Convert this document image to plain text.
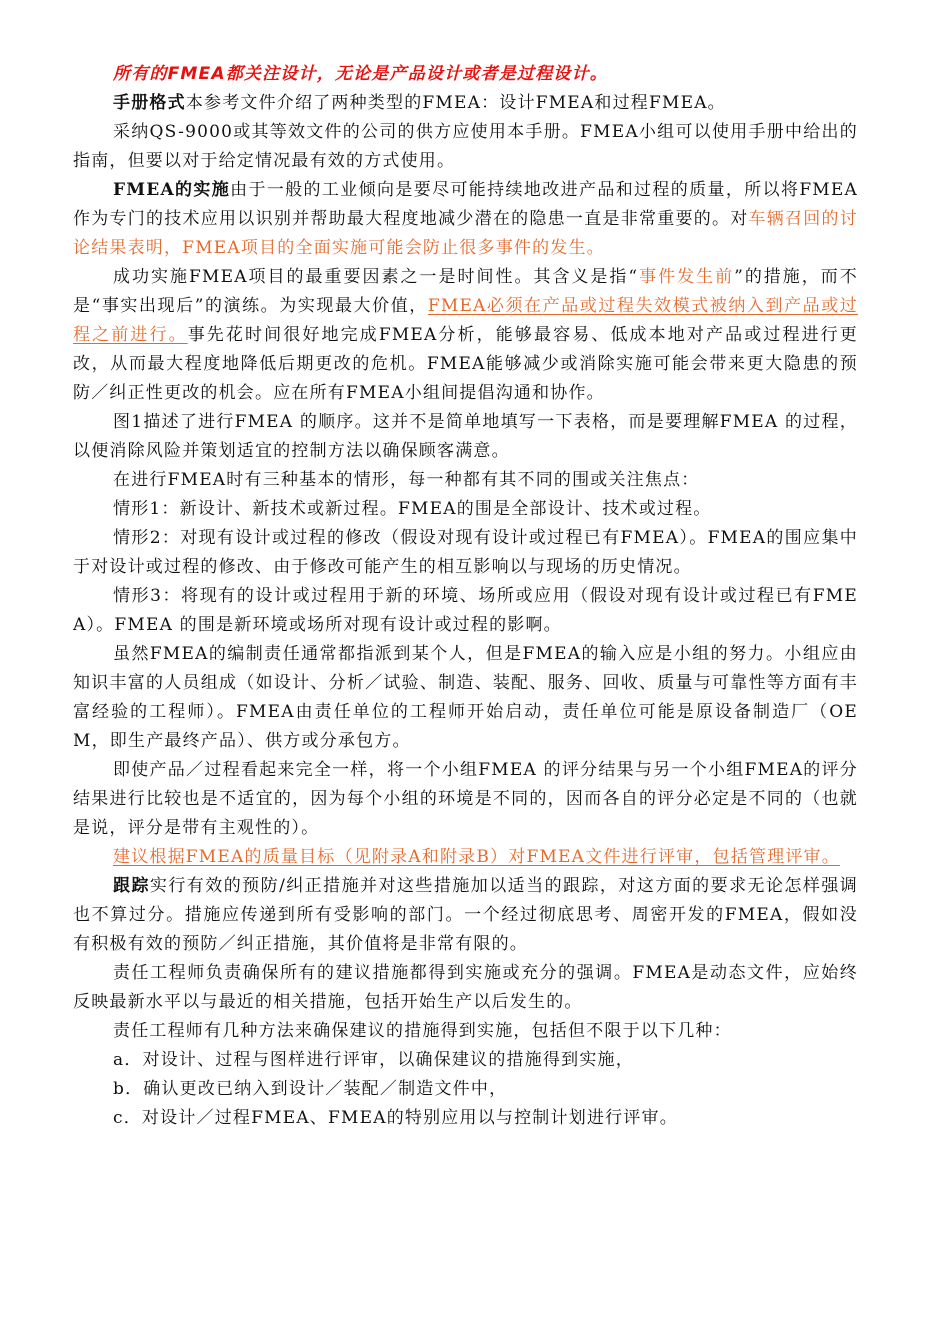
所有的FMEA都关注设计，无论是产品设计或者是过程设计。

手册格式本参考文件介绍了两种类型的FMEA：设计FMEA和过程FMEA。

采纳QS-9000或其等效文件的公司的供方应使用本手册。FMEA小组可以使用手册中给出的指南，但要以对于给定情况最有效的方式使用。

FMEA的实施由于一般的工业倾向是要尽可能持续地改进产品和过程的质量，所以将FMEA 作为专门的技术应用以识别并帮助最大程度地减少潜在的隐患一直是非常重要的。对车辆召回的讨论结果表明，FMEA项目的全面实施可能会防止很多事件的发生。

成功实施FMEA项目的最重要因素之一是时间性。其含义是指“事件发生前”的措施，而不是“事实出现后”的演练。为实现最大价值，FMEA必须在产品或过程失效模式被纳入到产品或过程之前进行。事先花时间很好地完成FMEA分析，能够最容易、低成本地对产品或过程进行更改，从而最大程度地降低后期更改的危机。FMEA能够减少或消除实施可能会带来更大隐患的预防／纠正性更改的机会。应在所有FMEA小组间提倡沟通和协作。

图1描述了进行FMEA 的顺序。这并不是简单地填写一下表格，而是要理解FMEA 的过程，以便消除风险并策划适宜的控制方法以确保顾客满意。

在进行FMEA时有三种基本的情形，每一种都有其不同的围或关注焦点：

情形1：新设计、新技术或新过程。FMEA的围是全部设计、技术或过程。

情形2：对现有设计或过程的修改（假设对现有设计或过程已有FMEA）。FMEA的围应集中于对设计或过程的修改、由于修改可能产生的相互影响以与现场的历史情况。

情形3：将现有的设计或过程用于新的环境、场所或应用（假设对现有设计或过程已有FMEA）。FMEA 的围是新环境或场所对现有设计或过程的影啊。

虽然FMEA的编制责任通常都指派到某个人，但是FMEA的输入应是小组的努力。小组应由知识丰富的人员组成（如设计、分析／试验、制造、装配、服务、回收、质量与可靠性等方面有丰富经验的工程师）。FMEA由责任单位的工程师开始启动，责任单位可能是原设备制造厂（OEM，即生产最终产品）、供方或分承包方。

即使产品／过程看起来完全一样，将一个小组FMEA 的评分结果与另一个小组FMEA的评分结果进行比较也是不适宜的，因为每个小组的环境是不同的，因而各自的评分必定是不同的（也就是说，评分是带有主观性的）。

建议根据FMEA的质量目标（见附录A和附录B）对FMEA文件进行评审，包括管理评审。

跟踪实行有效的预防/纠正措施并对这些措施加以适当的跟踪，对这方面的要求无论怎样强调也不算过分。措施应传递到所有受影响的部门。一个经过彻底思考、周密开发的FMEA，假如没有积极有效的预防／纠正措施，其价值将是非常有限的。

责任工程师负责确保所有的建议措施都得到实施或充分的强调。FMEA是动态文件，应始终反映最新水平以与最近的相关措施，包括开始生产以后发生的。

责任工程师有几种方法来确保建议的措施得到实施，包括但不限于以下几种：

a．对设计、过程与图样进行评审，以确保建议的措施得到实施，

b．确认更改已纳入到设计／装配／制造文件中，

c．对设计／过程FMEA、FMEA的特别应用以与控制计划进行评审。
